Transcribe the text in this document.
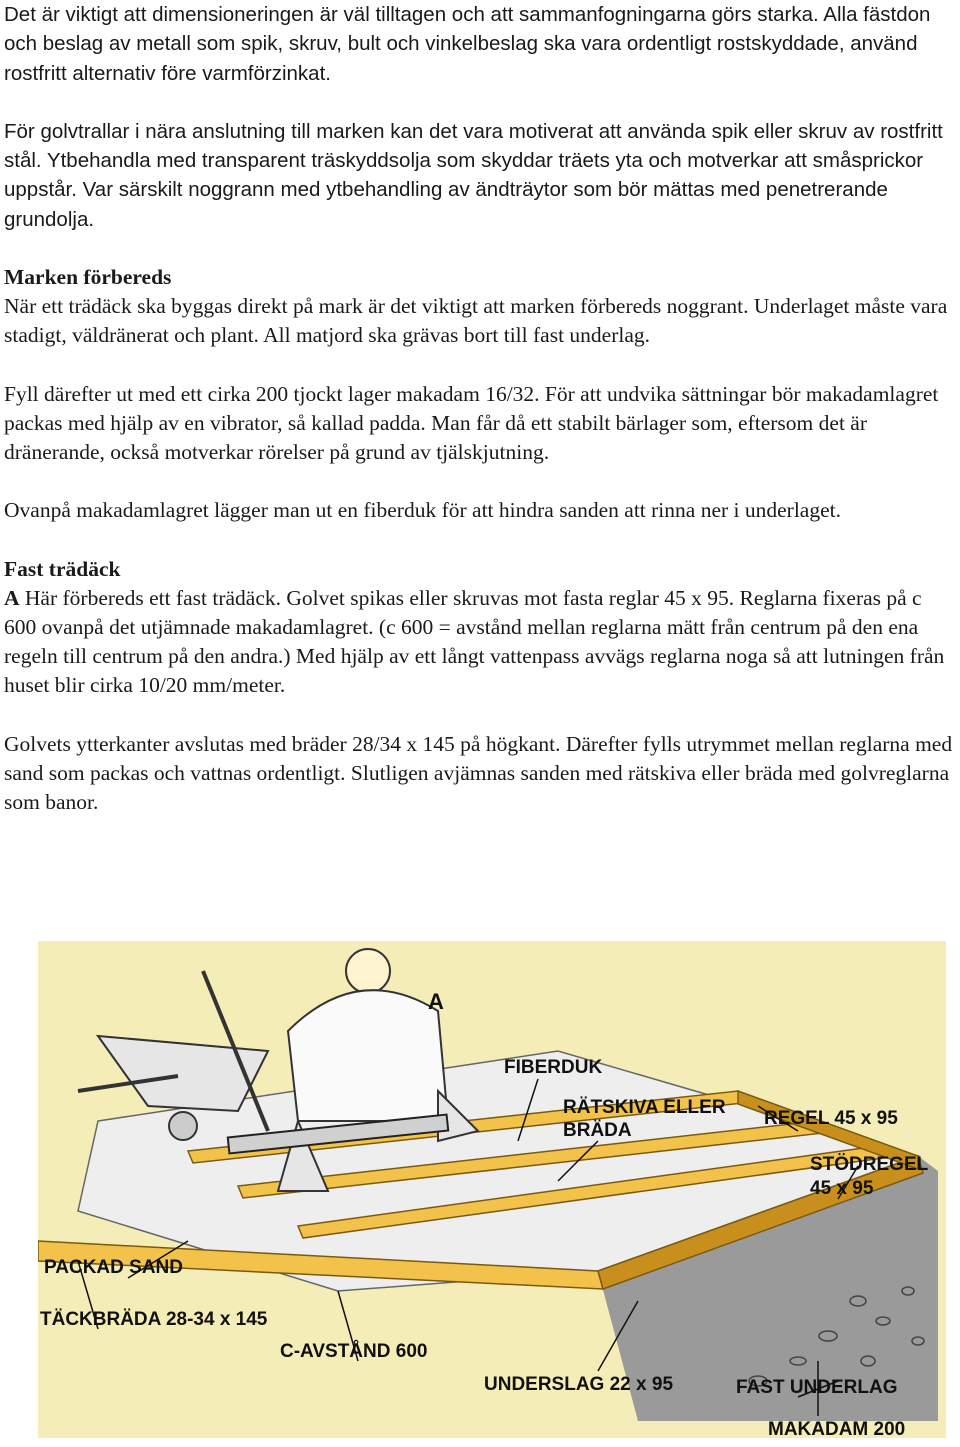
Det är viktigt att dimensioneringen är väl tilltagen och att sammanfogningarna görs starka. Alla fästdon och beslag av metall som spik, skruv, bult och vinkelbeslag ska vara ordentligt rostskyddade, använd rostfritt alternativ före varmförzinkat.

För golvtrallar i nära anslutning till marken kan det vara motiverat att använda spik eller skruv av rostfritt stål. Ytbehandla med transparent träskyddsolja som skyddar träets yta och motverkar att småsprickor uppstår. Var särskilt noggrann med ytbehandling av ändträytor som bör mättas med penetrerande grundolja.

Marken förbereds
När ett trädäck ska byggas direkt på mark är det viktigt att marken förbereds noggrant. Underlaget måste vara stadigt, väldränerat och plant. All matjord ska grävas bort till fast underlag.

Fyll därefter ut med ett cirka 200 tjockt lager makadam 16/32. För att undvika sättningar bör makadamlagret packas med hjälp av en vibrator, så kallad padda. Man får då ett stabilt bärlager som, eftersom det är dränerande, också motverkar rörelser på grund av tjälskjutning.

Ovanpå makadamlagret lägger man ut en fiberduk för att hindra sanden att rinna ner i underlaget.

Fast trädäck
A Här förbereds ett fast trädäck. Golvet spikas eller skruvas mot fasta reglar 45 x 95. Reglarna fixeras på c 600 ovanpå det utjämnade makadamlagret. (c 600 = avstånd mellan reglarna mätt från centrum på den ena regeln till centrum på den andra.) Med hjälp av ett långt vattenpass avvägs reglarna noga så att lutningen från huset blir cirka 10/20 mm/meter.

Golvets ytterkanter avslutas med bräder 28/34 x 145 på högkant. Därefter fylls utrymmet mellan reglarna med sand som packas och vattnas ordentligt. Slutligen avjämnas sanden med rätskiva eller bräda med golvreglarna som banor.

A
FIBERDUK
RÄTSKIVA ELLER
BRÄDA
REGEL 45 x 95
STÖDREGEL
45 x 95
PACKAD SAND
TÄCKBRÄDA 28-34 x 145
C-AVSTÅND 600
UNDERSLAG 22 x 95	FAST UNDERLAG
MAKADAM 200
